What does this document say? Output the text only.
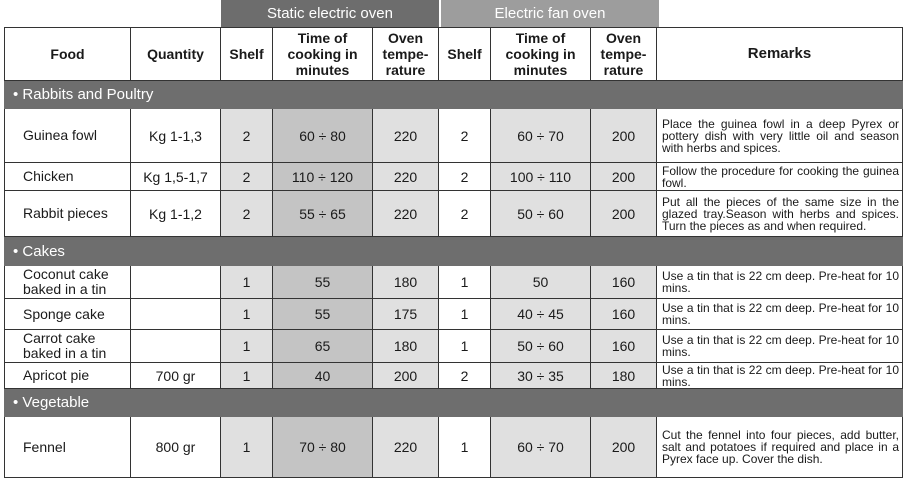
Static electric oven	Electric fan oven
Food	Quantity	Shelf	Time of cooking in minutes	Oven tempe- rature	Shelf	Time of cooking in minutes	Oven tempe- rature	Remarks
• Rabbits and Poultry								
Guinea fowl	Kg 1-1,3	2	60 ÷ 80	220	2	60 ÷ 70	200	Place the guinea fowl in a deep Pyrex or pottery dish with very little oil and season with herbs and spices.
Chicken	Kg 1,5-1,7	2	110 ÷ 120	220	2	100 ÷ 110	200	Follow the procedure for cooking the guinea fowl.
Rabbit pieces	Kg 1-1,2	2	55 ÷ 65	220	2	50 ÷ 60	200	Put all the pieces of the same size in the glazed tray.Season with herbs and spices. Turn the pieces as and when required.
• Cakes								
Coconut cake baked in a tin		1	55	180	1	50	160	Use a tin that is 22 cm deep. Pre-heat for 10 mins.
Sponge cake		1	55	175	1	40 ÷ 45	160	Use a tin that is 22 cm deep. Pre-heat for 10 mins.
Carrot cake baked in a tin		1	65	180	1	50 ÷ 60	160	Use a tin that is 22 cm deep. Pre-heat for 10 mins.
Apricot pie	700 gr	1	40	200	2	30 ÷ 35	180	Use a tin that is 22 cm deep. Pre-heat for 10 mins.
• Vegetable								
Fennel	800 gr	1	70 ÷ 80	220	1	60 ÷ 70	200	Cut the fennel into four pieces, add butter, salt and potatoes if required and place in a Pyrex face up. Cover the dish.
